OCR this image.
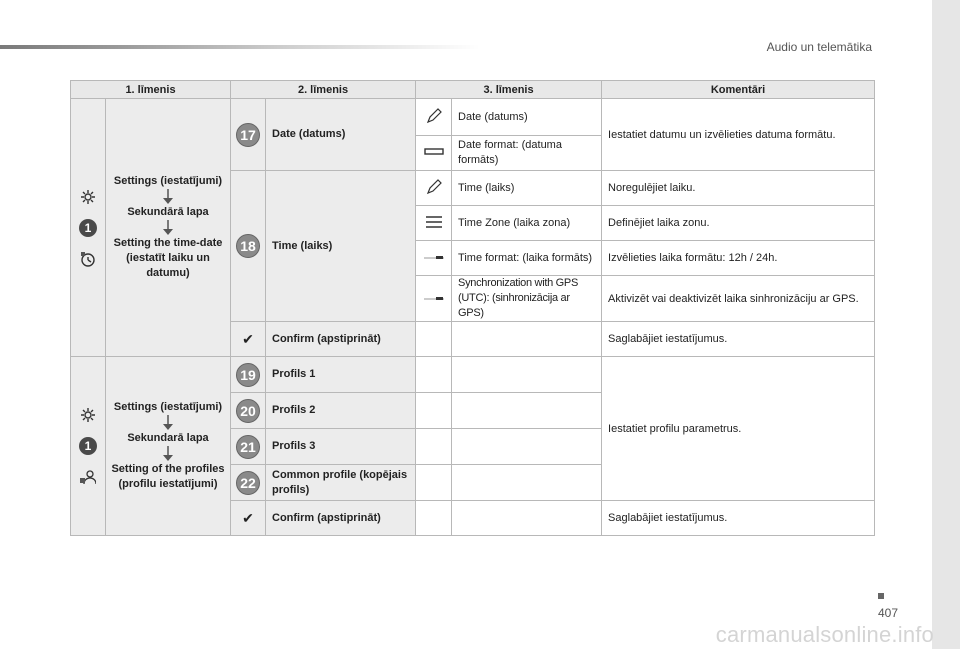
Audio un telemātika
407
carmanualsonline.info
1. līmenis		2. līmenis		3. līmenis		Komentāri

1	Settings (iestatījumi)
Sekundārā lapa
Setting the time-date (iestatīt laiku un datumu)	17	Date (datums)		Date (datums)	Iestatiet datumu un izvēlieties datuma formātu.
	Date format: (datuma formāts)	
		18	Time (laiks)		Time (laiks)	Noregulējiet laiku.
	Time Zone (laika zona)	Definējiet laika zonu.
	Time format: (laika formāts)	Izvēlieties laika formātu: 12h / 24h.
	Synchronization with GPS (UTC): (sinhronizācija ar GPS)	Aktivizēt vai deaktivizēt laika sinhronizāciju ar GPS.
		✔	Confirm (apstiprināt)			Saglabājiet iestatījumus.

1	Settings (iestatījumi)
Sekundarā lapa
Setting of the profiles (profilu iestatījumi)	19	Profils 1			Iestatiet profilu parametrus.
		20	Profils 2			
		21	Profils 3			
		22	Common profile (kopējais profils)			
		✔	Confirm (apstiprināt)			Saglabājiet iestatījumus.
